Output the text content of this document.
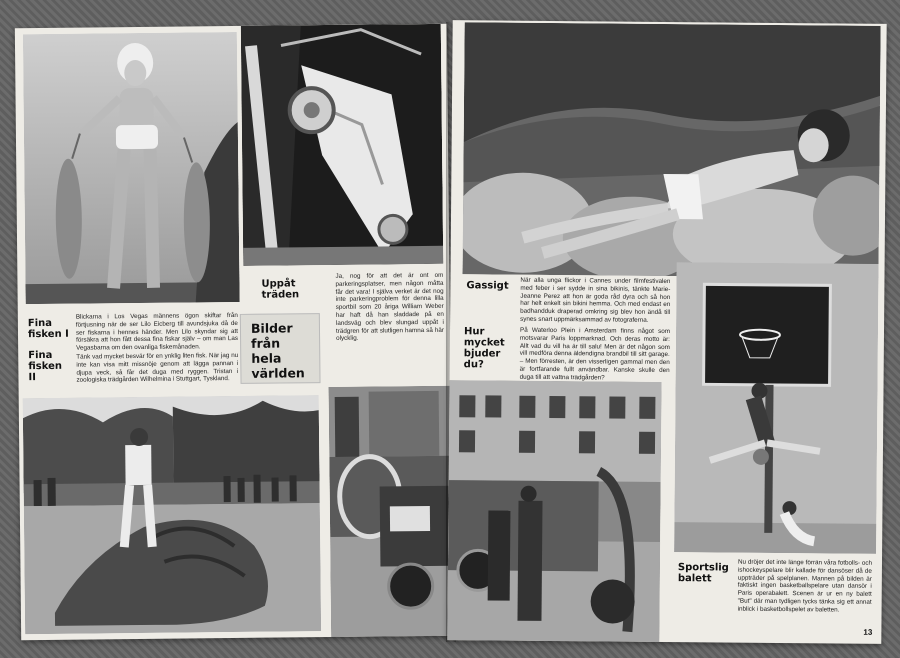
Fina fisken I
Fina fisken II
Blickarna i Los Vegas männens ögon skiftar från förtjusning när de ser Lilo Eicberg till avundsjuka då de ser fiskarna i hennes händer. Men Lilo skyndar sig att försäkra att hon fått dessa fina fiskar själv – om man Las Vegasbarna om den ovanliga fiskemånaden.
Tänk vad mycket besvär för en ynklig liten fisk. När jag nu inte kan visa mitt missnöje genom att lägga pannan i djupa veck, så får det duga med ryggen. Tristan i zoologiska trädgården Wilhelmina i Stuttgart, Tyskland.
Uppåt träden
Ja, nog för att det är ont om parkeringsplatser, men någon måtta får det vara! I själva verket är det nog inte parkeringproblem för denna lilla sportbil som 20 åriga William Weber har haft då han sladdade på en landsväg och blev slungad uppåt i trädgren för att slutligen hamna så här olycklig.
Bilder från hela världen
Gassigt	När alla unga flickor i Cannes under filmfestivalen med feber i ser sydde in sina bikinis, tänkte Marie-Jeanne Perez att hon är goda råd dyra och så hon har helt enkelt sin bikini hemma. Och med endast en badhandduk draperad omkring sig blev hon ändå till synes snart uppmärksammad av fotograferna.
Hur mycket bjuder du?
På Waterloo Plein i Amsterdam finns något som motsvarar Paris loppmarknad. Och deras motto är: Allt vad du vill ha är till salu! Men är det någon som vill medföra denna äldendigna brandbil till sitt garage. – Men förresten, är den visserligen gammal men den är fortfarande fullt användbar. Kanske skulle den duga till att vattna trädgården?
Sportslig balett
Nu dröjer det inte länge förrän våra fotbolls- och ishockeyspelare blir kallade för dansöser då de uppträder på spelplanen. Mannen på bilden är faktiskt ingen basketballspelare utan dansör i Paris operabalett. Scenen är ur en ny balett "But" där man tydligen tycks tänka sig ett annat inblick i basketbollspelet av baletten.
13
